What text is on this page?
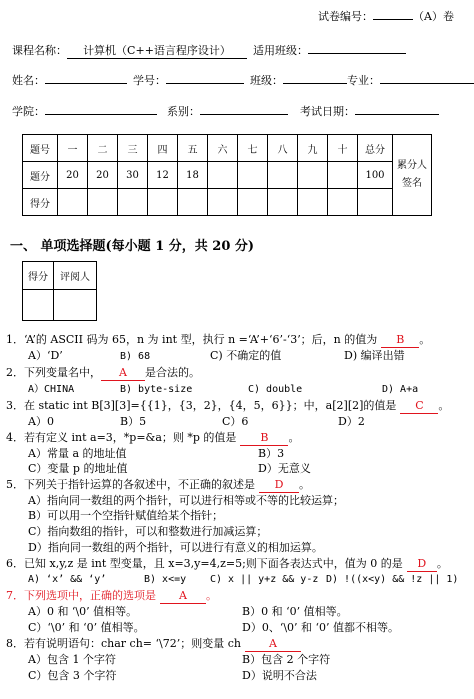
试卷编号：	（A）卷
课程名称： 计算机（C++语言程序设计） 适用班级：
姓名：	学号：	班级：	专业：
学院：	系别：	考试日期：
题号	一	二	三	四	五	六	七	八	九	十	总分	累分人签名
题分	20	20	30	12	18						100	
得分												
一、 单项选择题(每小题 1 分，共 20 分)
得分	评阅人

1．‘A’的 ASCII 码为 65，n 为 int 型，执行 n =‘A’+‘6’-‘3’；后，n 的值为 B 。
A）‘D’	B) 68	C) 不确定的值	D) 编译出错
2．下列变量名中， A 是合法的。
A）CHINA	B) byte-size	C) double	D) A+a
3．在 static int B[3][3]={{1}，{3，2}，{4，5，6}}；中，a[2][2]的值是 C 。
A）0	B）5	C）6	D）2
4．若有定义 int a=3，*p=&a；则 *p 的值是 B 。
A）常量 a 的地址值	B）3
C）变量 p 的地址值	D）无意义
5．下列关于指针运算的各叙述中，不正确的叙述是 D 。
A）指向同一数组的两个指针，可以进行相等或不等的比较运算；
B）可以用一个空指针赋值给某个指针；
C）指向数组的指针，可以和整数进行加减运算；
D）指向同一数组的两个指针，可以进行有意义的相加运算。
6．已知 x,y,z 是 int 型变量，且 x=3,y=4,z=5;则下面各表达式中，值为 0 的是 D 。
A) ‘x’ && ‘y’	B) x<=y C) x || y+z && y-z D) !((x<y) && !z || 1)
7．下列选项中，正确的选项是 A 。
A）0 和 ‘\0’ 值相等。	B）0 和 ‘0’ 值相等。
C）‘\0’ 和 ‘0’ 值相等。	D）0、‘\0’ 和 ‘0’ 值都不相等。
8．若有说明语句：char ch= ‘\72’；则变量 ch	A
A）包含 1 个字符	B）包含 2 个字符
C）包含 3 个字符	D）说明不合法
